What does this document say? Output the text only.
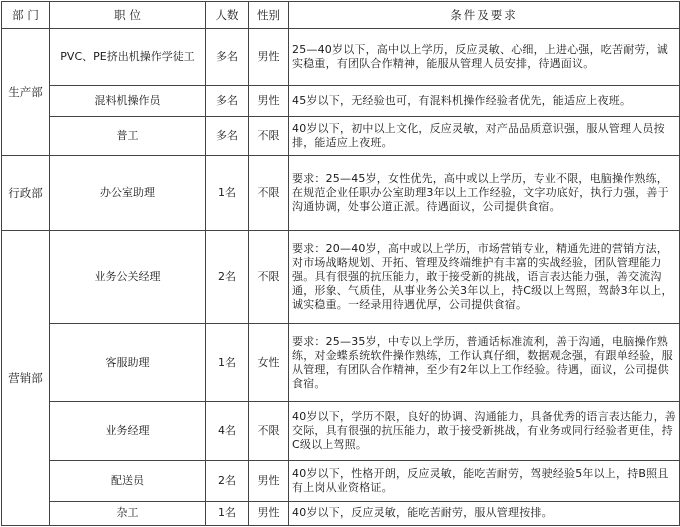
部 门	职 位	人数	性别	条件及要求
生产部	PVC、PE挤出机操作学徒工	多名	男性	25—40岁以下，高中以上学历，反应灵敏、心细，上进心强，吃苦耐劳，诚实稳重，有团队合作精神，能服从管理人员安排，待遇面议。
	混料机操作员	多名	男性	45岁以下，无经验也可，有混料机操作经验者优先，能适应上夜班。
	普工	多名	不限	40岁以下，初中以上文化，反应灵敏，对产品品质意识强，服从管理人员按排，能适应上夜班。
行政部	办公室助理	1名	不限	要求：25—45岁，女性优先，高中或以上学历，专业不限，电脑操作熟练，在规范企业任职办公室助理3年以上工作经验，文字功底好，执行力强，善于沟通协调，处事公道正派。待遇面议，公司提供食宿。
营销部	业务公关经理	2名	不限	要求：20—40岁，高中或以上学历，市场营销专业，精通先进的营销方法，对市场战略规划、开拓、管理及终端维护有丰富的实战经验，团队管理能力强。具有很强的抗压能力，敢于接受新的挑战，语言表达能力强，善交流沟通，形象、气质佳，从事业务公关3年以上，持C级以上驾照，驾龄3年以上，诚实稳重。一经录用待遇优厚，公司提供食宿。
	客服助理	1名	女性	要求：25—35岁，中专以上学历，普通话标准流利，善于沟通，电脑操作熟练，对金蝶系统软件操作熟练，工作认真仔细，数据观念强，有跟单经验，服从管理，有团队合作精神，至少有2年以上工作经验。待遇，面议，公司提供食宿。
	业务经理	4名	不限	40岁以下，学历不限，良好的协调、沟通能力，具备优秀的语言表达能力，善交际，具有很强的抗压能力，敢于接受新挑战，有业务或同行经验者更佳，持C级以上驾照。
	配送员	2名	男性	40岁以下，性格开朗，反应灵敏，能吃苦耐劳，驾驶经验5年以上，持B照且有上岗从业资格证。
	杂工	1名	男性	40岁以下，反应灵敏，能吃苦耐劳，服从管理按排。
